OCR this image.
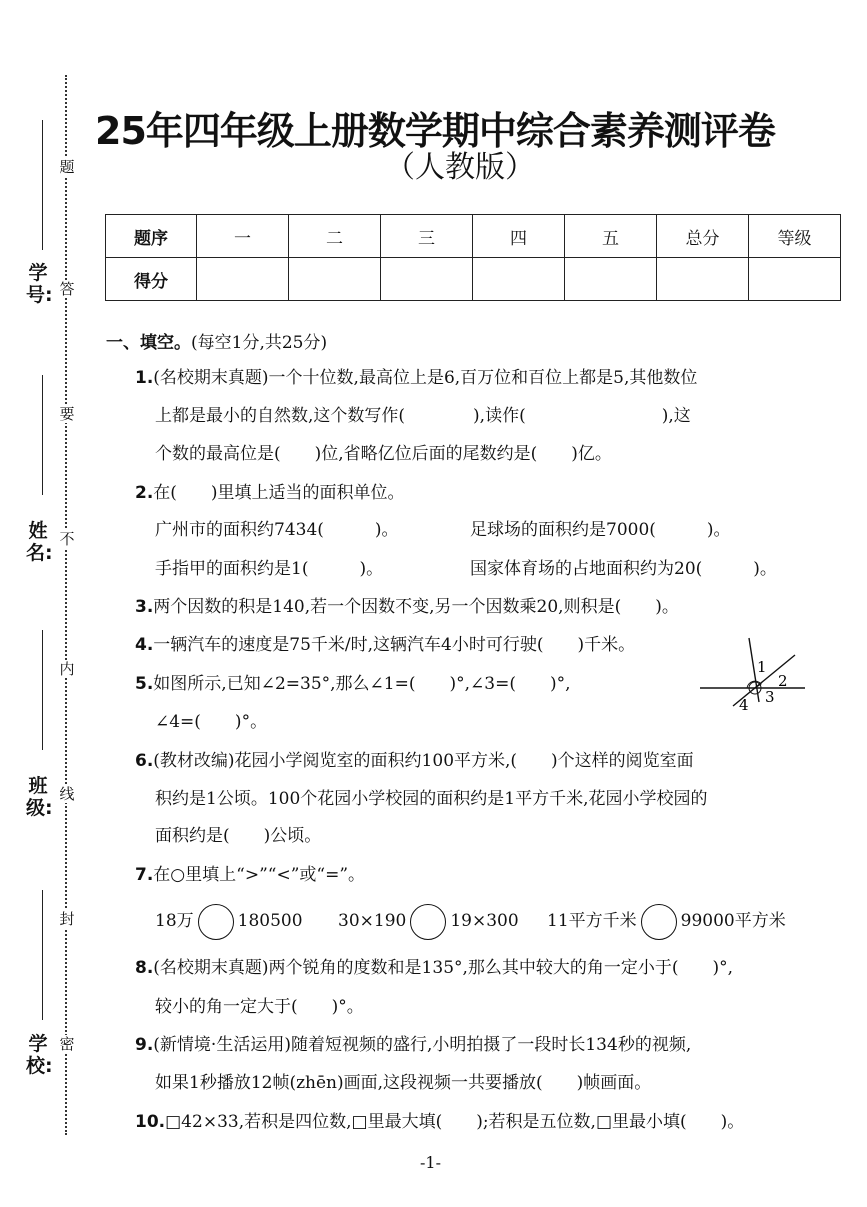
学号:
姓名:
班级:
学校:
题
答
要
不
内
线
封
密
25年四年级上册数学期中综合素养测评卷
（人教版）
题序	一	二	三	四	五	总分	等级
得分							
一、填空。(每空1分,共25分)
1.(名校期末真题)一个十位数,最高位上是6,百万位和百位上都是5,其他数位
上都是最小的自然数,这个数写作(　　　　),读作(　　　　　　　　),这
个数的最高位是(　　)位,省略亿位后面的尾数约是(　　)亿。
2.在(　　)里填上适当的面积单位。
广州市的面积约7434(　　　)。	足球场的面积约是7000(　　　)。
手指甲的面积约是1(　　　)。	国家体育场的占地面积约为20(　　　)。
3.两个因数的积是140,若一个因数不变,另一个因数乘20,则积是(　　)。
4.一辆汽车的速度是75千米/时,这辆汽车4小时可行驶(　　)千米。
5.如图所示,已知∠2=35°,那么∠1=(　　)°,∠3=(　　)°,
∠4=(　　)°。
1
2
3
4
6.(教材改编)花园小学阅览室的面积约100平方米,(　　)个这样的阅览室面
积约是1公顷。100个花园小学校园的面积约是1平方千米,花园小学校园的
面积约是(　　)公顷。
7.在○里填上“>”“<”或“=”。
18万	180500 30×190	19×300 11平方千米	99000平方米
8.(名校期末真题)两个锐角的度数和是135°,那么其中较大的角一定小于(　　)°,
较小的角一定大于(　　)°。
9.(新情境·生活运用)随着短视频的盛行,小明拍摄了一段时长134秒的视频,
如果1秒播放12帧(zhēn)画面,这段视频一共要播放(　　)帧画面。
10.□42×33,若积是四位数,□里最大填(　　);若积是五位数,□里最小填(　　)。
-1-
